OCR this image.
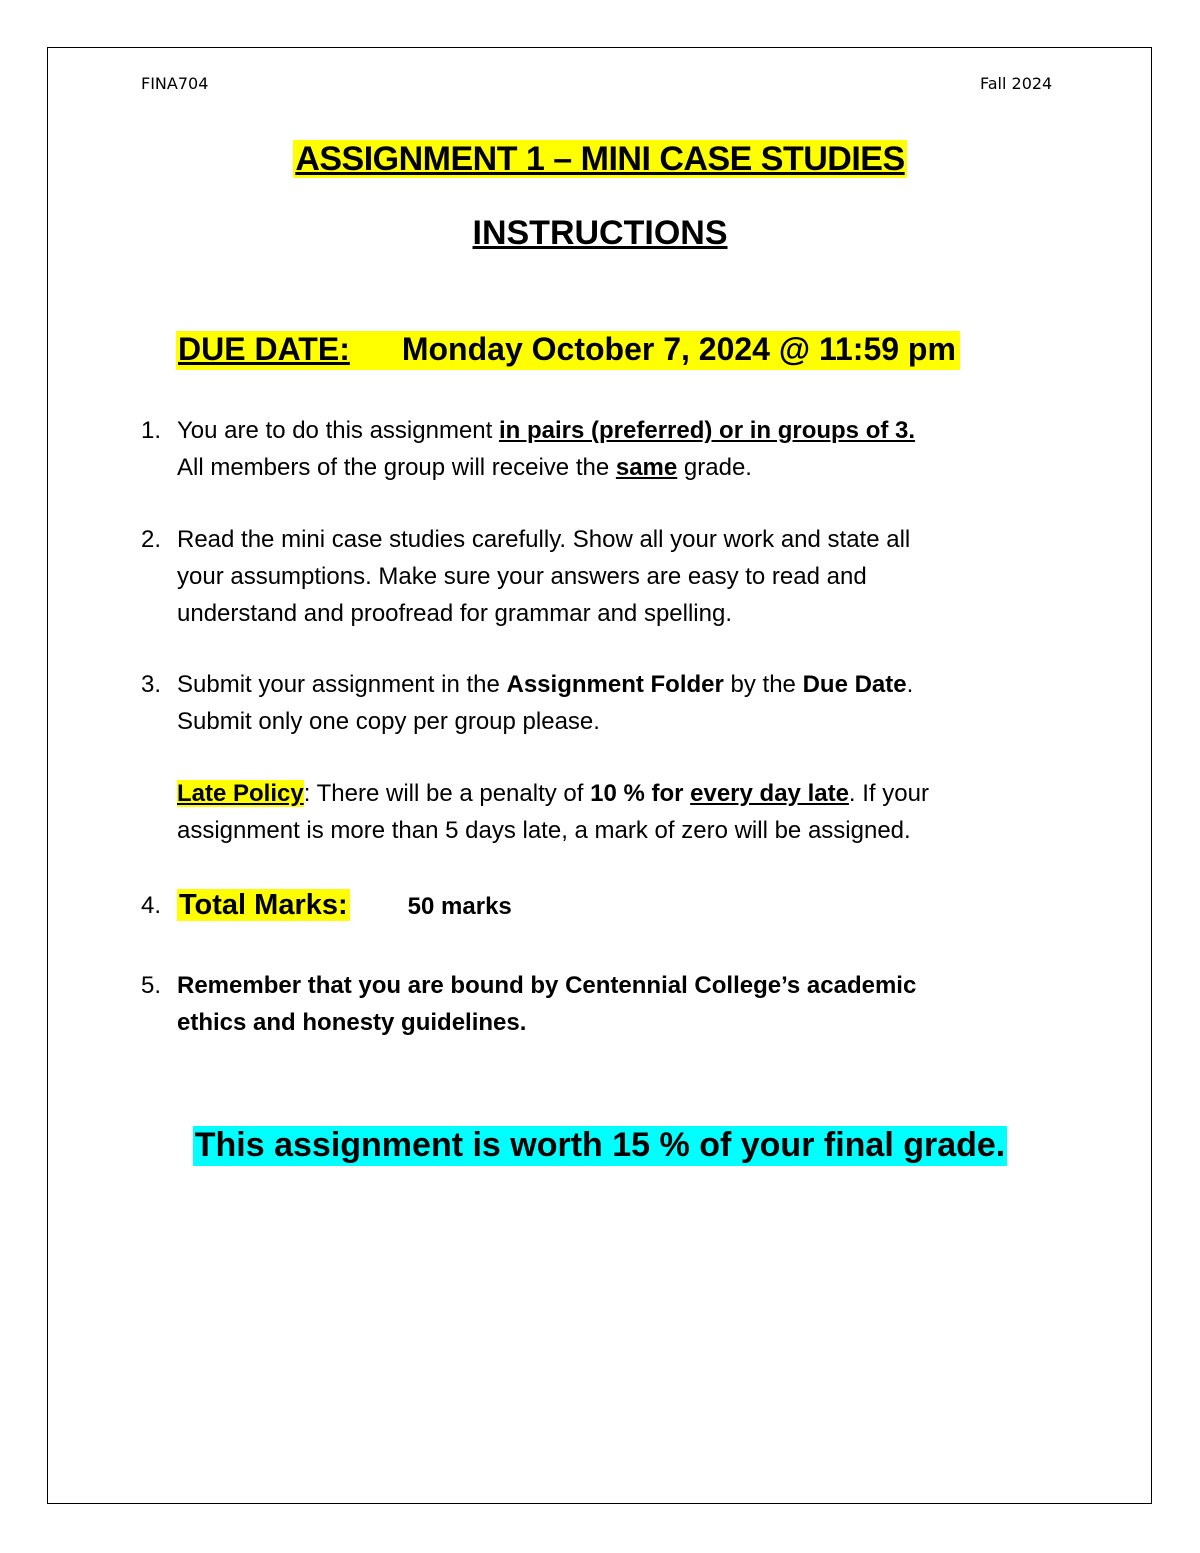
FINA704	Fall 2024
ASSIGNMENT 1 – MINI CASE STUDIES
INSTRUCTIONS
DUE DATE: Monday October 7, 2024 @ 11:59 pm
1. You are to do this assignment in pairs (preferred) or in groups of 3.
All members of the group will receive the same grade.
2. Read the mini case studies carefully. Show all your work and state all
your assumptions. Make sure your answers are easy to read and
understand and proofread for grammar and spelling.
3. Submit your assignment in the Assignment Folder by the Due Date.
Submit only one copy per group please.
Late Policy: There will be a penalty of 10 % for every day late. If your
assignment is more than 5 days late, a mark of zero will be assigned.
4. Total Marks:	50 marks
5. Remember that you are bound by Centennial College’s academic
ethics and honesty guidelines.
This assignment is worth 15 % of your final grade.
